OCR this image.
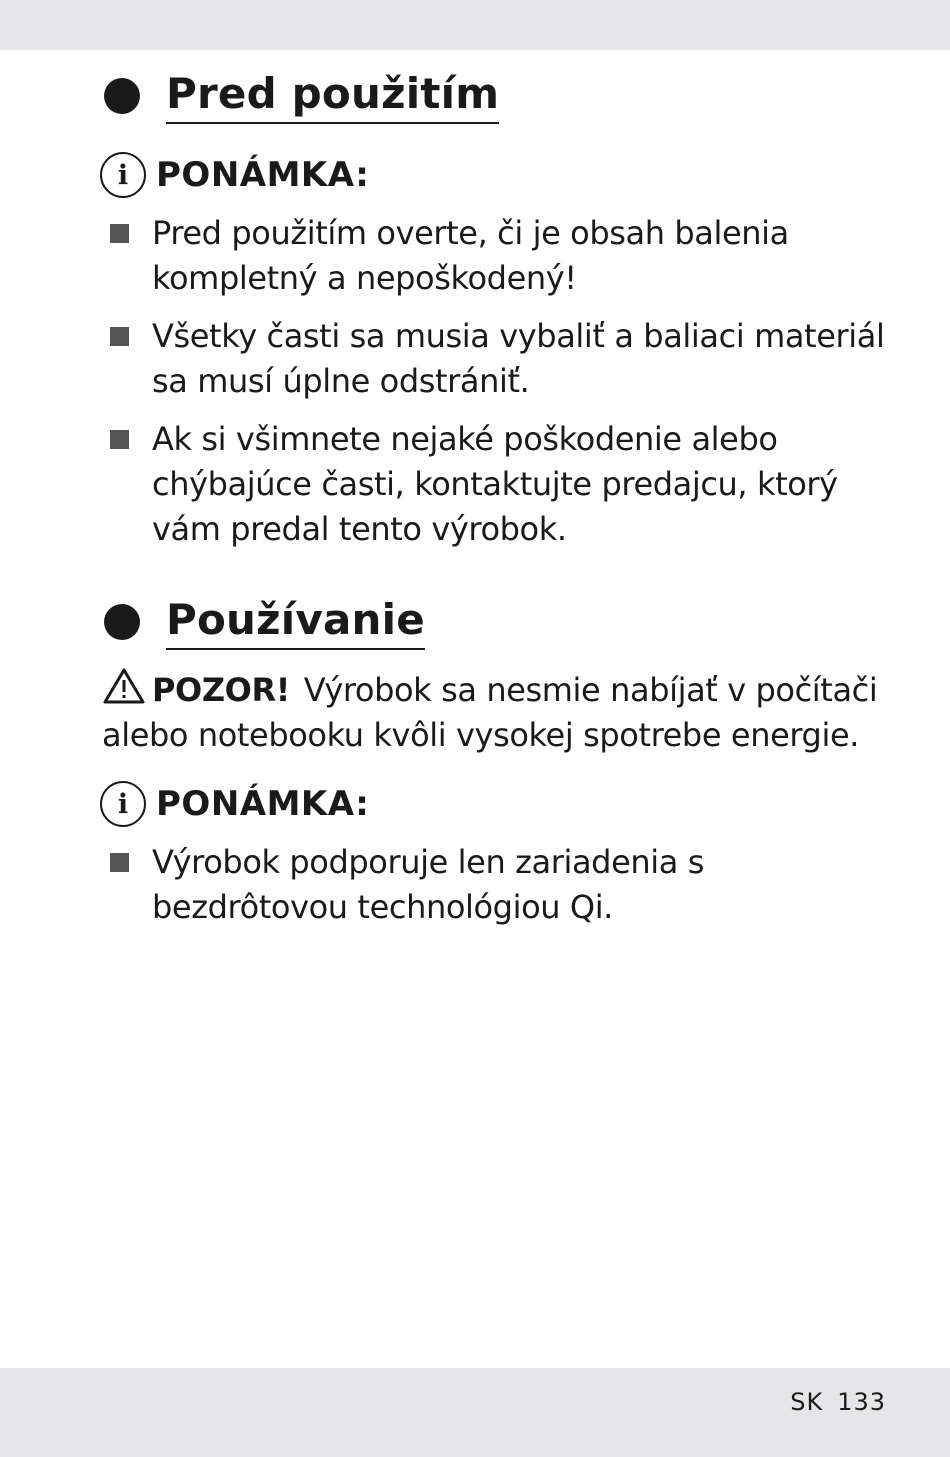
Pred použitím
i PONÁMKA:
Pred použitím overte, či je obsah balenia kompletný a nepoškodený!
Všetky časti sa musia vybaliť a baliaci materiál sa musí úplne odstrániť.
Ak si všimnete nejaké poškodenie alebo chýbajúce časti, kontaktujte predajcu, ktorý vám predal tento výrobok.
Používanie
POZOR! Výrobok sa nesmie nabíjať v počítači alebo notebooku kvôli vysokej spotrebe energie.
i PONÁMKA:
Výrobok podporuje len zariadenia s bezdrôtovou technológiou Qi.
SK 133
